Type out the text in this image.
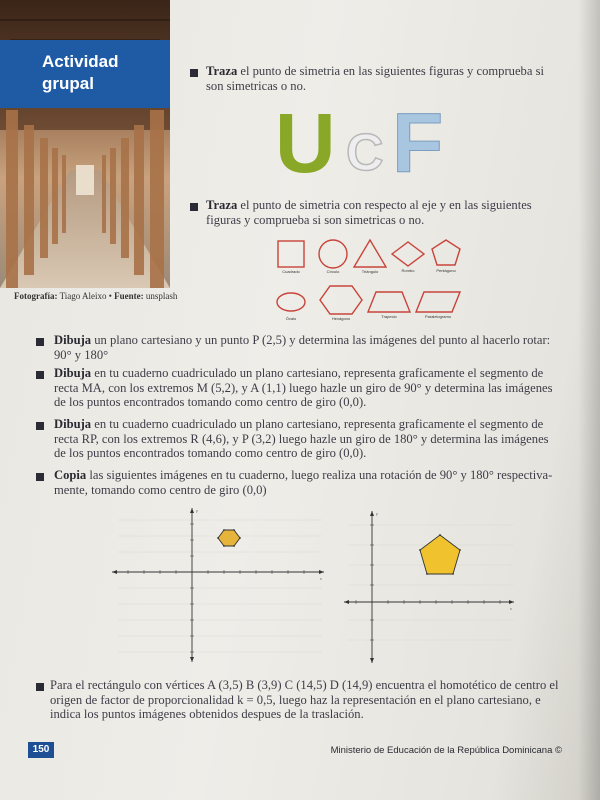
Actividad
grupal
Fotografía: Tiago Aleixo • Fuente: unsplash
Traza el punto de simetria en las siguientes figuras y comprueba si son simetricas o no.
U C F
Traza el punto de simetria con respecto al eje y en las siguientes figuras y comprueba si son simetricas o no.
Cuadrado	Círculo	Triángulo	Rombo	Pentágono
Óvalo	Hexágono	Trapecio	Paralelogramo
Dibuja un plano cartesiano y un punto P (2,5) y determina las imágenes del punto al hacerlo rotar: 90° y 180°
Dibuja en tu cuaderno cuadriculado un plano cartesiano, representa graficamente el segmento de recta MA, con los extremos M (5,2), y A (1,1) luego hazle un giro de 90° y determina las imágenes de los puntos encontrados tomando como centro de giro (0,0).
Dibuja en tu cuaderno cuadriculado un plano cartesiano, representa graficamente el segmento de recta RP, con los extremos R (4,6), y P (3,2) luego hazle un giro de 180° y determina las imágenes de los puntos encontrados tomando como centro de giro (0,0).
Copia las siguientes imágenes en tu cuaderno, luego realiza una rotación de 90° y 180° respectiva-mente, tomando como centro de giro (0,0)
x
y
x
y
Para el rectángulo con vértices A (3,5) B (3,9) C (14,5) D (14,9) encuentra el homotético de centro el origen de factor de proporcionalidad k = 0,5, luego haz la representación en el plano cartesiano, e indica los puntos imágenes obtenidos despues de la traslación.
150	Ministerio de Educación de la República Dominicana ©
